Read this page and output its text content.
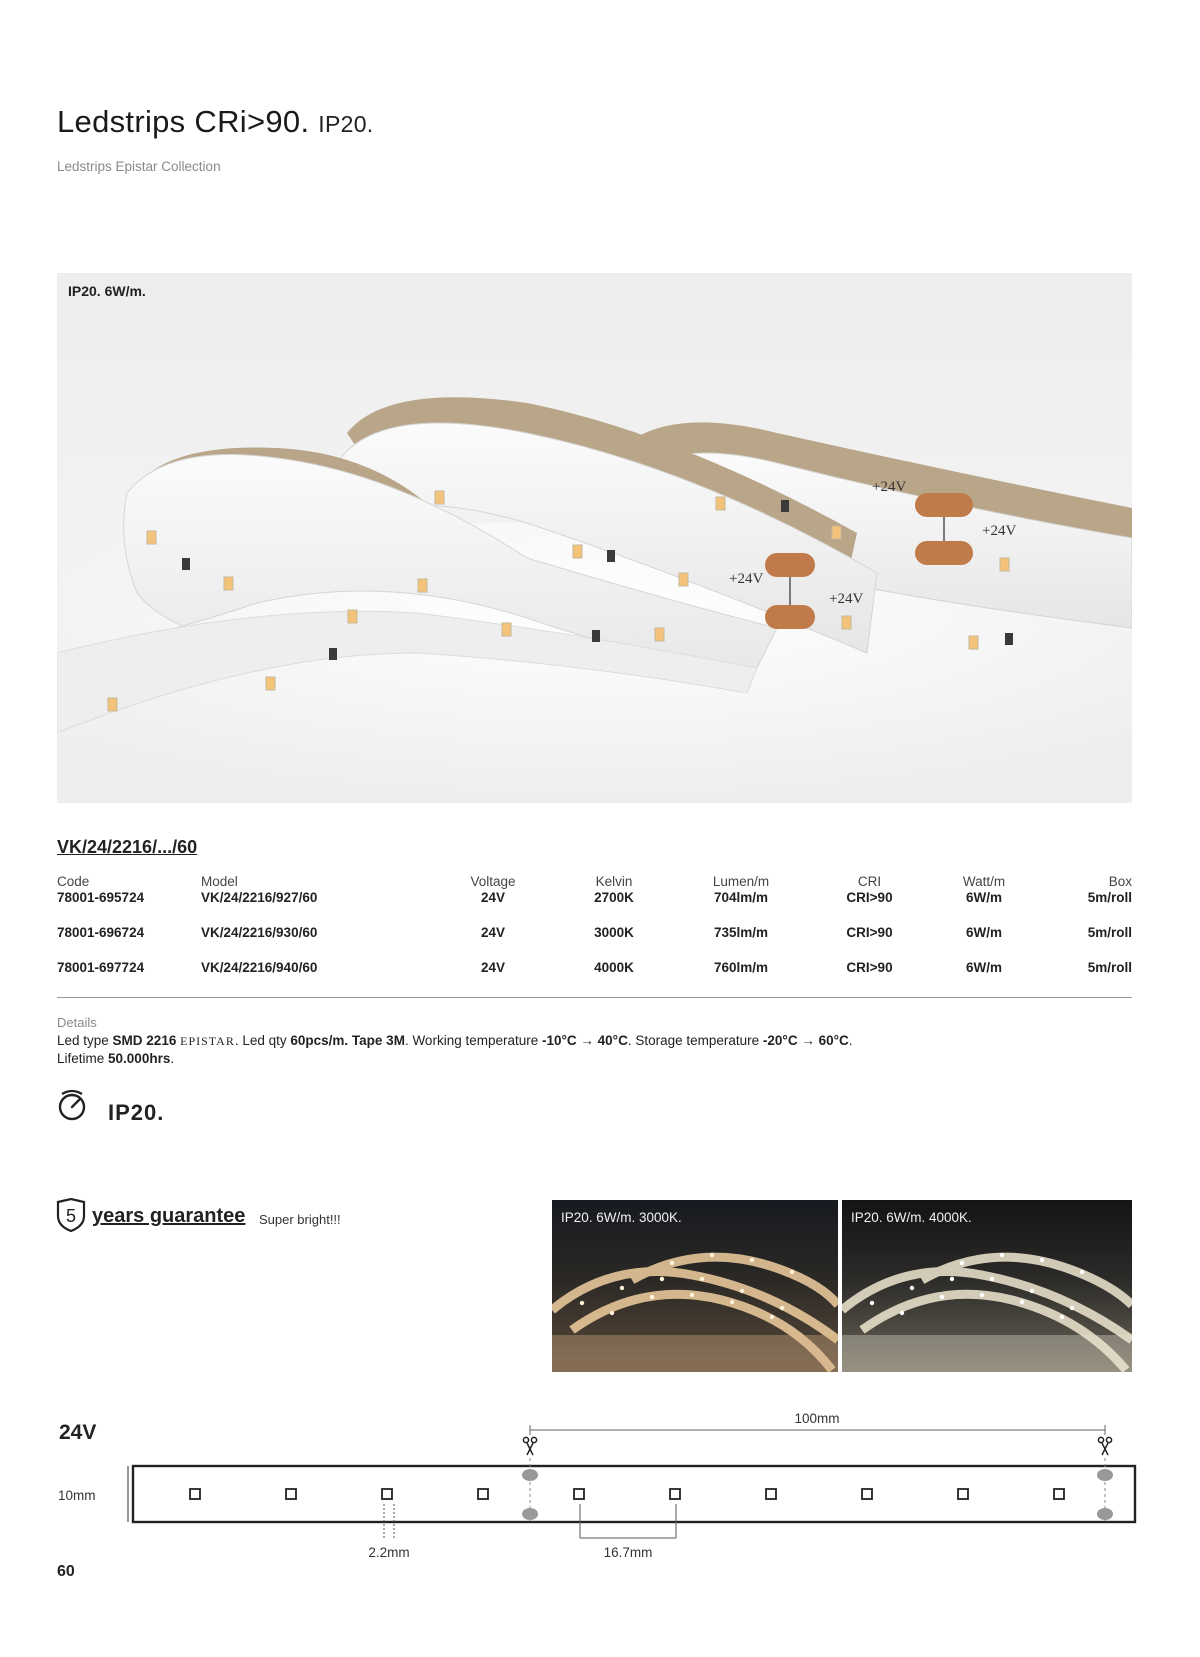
Ledstrips CRi>90. IP20.
Ledstrips Epistar Collection
IP20. 6W/m.
+24V
+24V
+24V
+24V
VK/24/2216/.../60
Code	Model	Voltage	Kelvin	Lumen/m	CRI	Watt/m	Box
78001-695724	VK/24/2216/927/60	24V	2700K	704lm/m	CRI>90	6W/m	5m/roll
78001-696724	VK/24/2216/930/60	24V	3000K	735lm/m	CRI>90	6W/m	5m/roll
78001-697724	VK/24/2216/940/60	24V	4000K	760lm/m	CRI>90	6W/m	5m/roll
Details
Led type SMD 2216 EPISTAR. Led qty 60pcs/m. Tape 3M. Working temperature -10°C → 40°C. Storage temperature -20°C → 60°C.
Lifetime 50.000hrs.
IP20.
5 years guarantee Super bright!!!	IP20. 6W/m. 3000K.	IP20. 6W/m. 4000K.
24V
100mm
10mm
2.2mm	16.7mm
60
